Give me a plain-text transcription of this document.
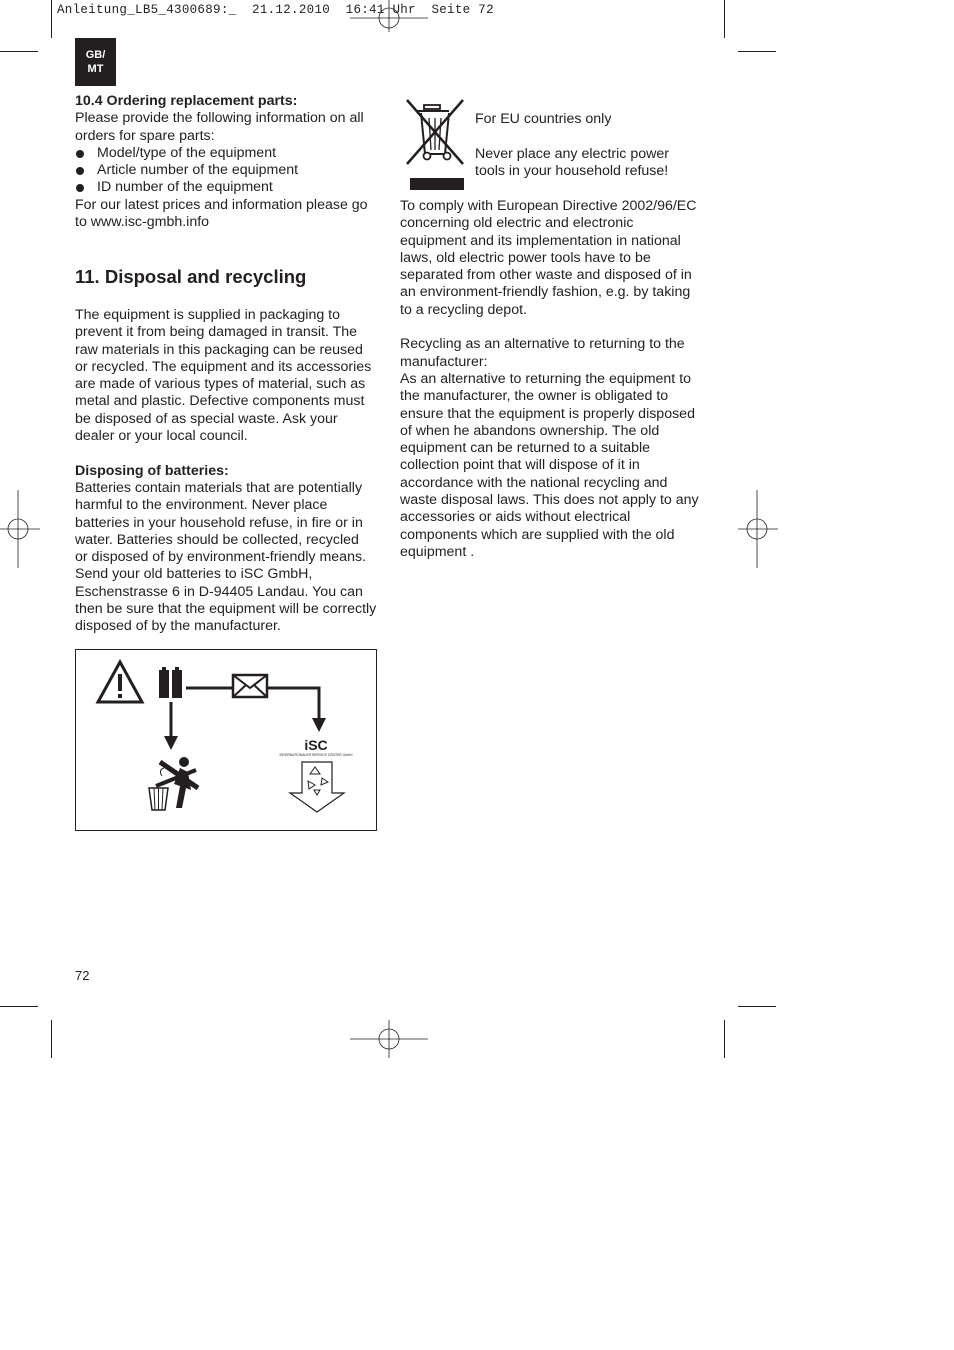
Anleitung_LB5_4300689:_  21.12.2010  16:41 Uhr  Seite 72
GB/
MT

10.4 Ordering replacement parts:

Please provide the following information on all

orders for spare parts:

Model/type of the equipment
Article number of the equipment
ID number of the equipment

For our latest prices and information please go

to www.isc-gmbh.info

11. Disposal and recycling

The equipment is supplied in packaging to

prevent it from being damaged in transit. The

raw materials in this packaging can be reused

or recycled. The equipment and its accessories

are made of various types of material, such as

metal and plastic. Defective components must

be disposed of as special waste. Ask your

dealer or your local council.

Disposing of batteries:

Batteries contain materials that are potentially

harmful to the environment. Never place

batteries in your household refuse, in fire or in

water. Batteries should be collected, recycled

or disposed of by environment-friendly means.

Send your old batteries to iSC GmbH,

Eschenstrasse 6 in D-94405 Landau. You can

then be sure that the equipment will be correctly

disposed of by the manufacturer.

iSC
INTERNATIONALER SERVICE CENTER GmbH

For EU countries only

Never place any electric power

tools in your household refuse!

To comply with European Directive 2002/96/EC

concerning old electric and electronic

equipment and its implementation in national

laws, old electric power tools have to be

separated from other waste and disposed of in

an environment-friendly fashion, e.g. by taking

to a recycling depot.

Recycling as an alternative to returning to the

manufacturer:

As an alternative to returning the equipment to

the manufacturer, the owner is obligated to

ensure that the equipment is properly disposed

of when he abandons ownership. The old

equipment can be returned to a suitable

collection point that will dispose of it in

accordance with the national recycling and

waste disposal laws. This does not apply to any

accessories or aids without electrical

components which are supplied with the old

equipment .

72
